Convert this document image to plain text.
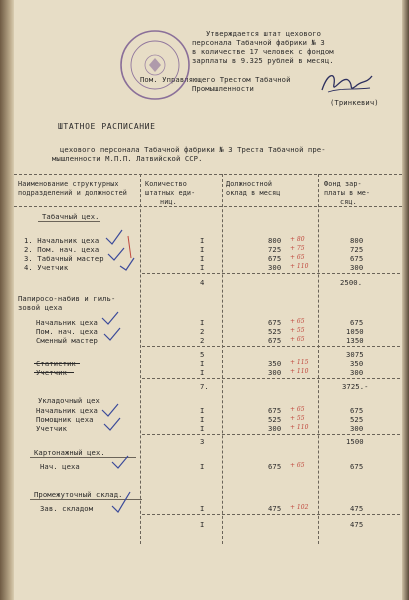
Утверждается штат цехового
персонала Табачной фабрики № 3
в количестве 17 человек с фондом
зарплаты в 9.325 рублей в месяц.
Пом. Управляющего Трестом Табачной
Промышленности
(Тринкевич)
ШТАТНОЕ РАСПИСАНИЕ
цехового персонала Табачной фабрики № 3 Треста Табачной пре-
мышленности М.П.П. Латвийской ССР.
Наименование структурных
подразделений и должностей
Количество
штатных еди-
ниц.
Должностной
оклад в месяц
Фонд зар-
платы в ме-
сяц.
Табачный цех.
1. Начальник цеха	I	800 + 80	800
2. Пом. нач. цеха	I	725 + 75	725
3. Табачный мастер	I	675 + 65	675
4. Учетчик	I	300 + 110	300
4	2500.
Папиросо-набив и гиль-
зовой цеха
Начальник цеха	I	675 + 65	675
Пом. нач. цеха	2	525 + 55	1050
Сменный мастер	2	675 + 65	1350
5	3075
Статистик	I	350 + 115	350
Учетчик	I	300 + 110	300
7.	3725.-
Укладочный цех
Начальник цеха	I	675 + 65	675
Помощник цеха	I	525 + 55	525
Учетчик	I	300 + 110	300
3	1500
Картонажный цех.
Нач. цеха	I	675 + 65	675
Промежуточный склад.
Зав. складом	I	475 + 102	475
I	475
